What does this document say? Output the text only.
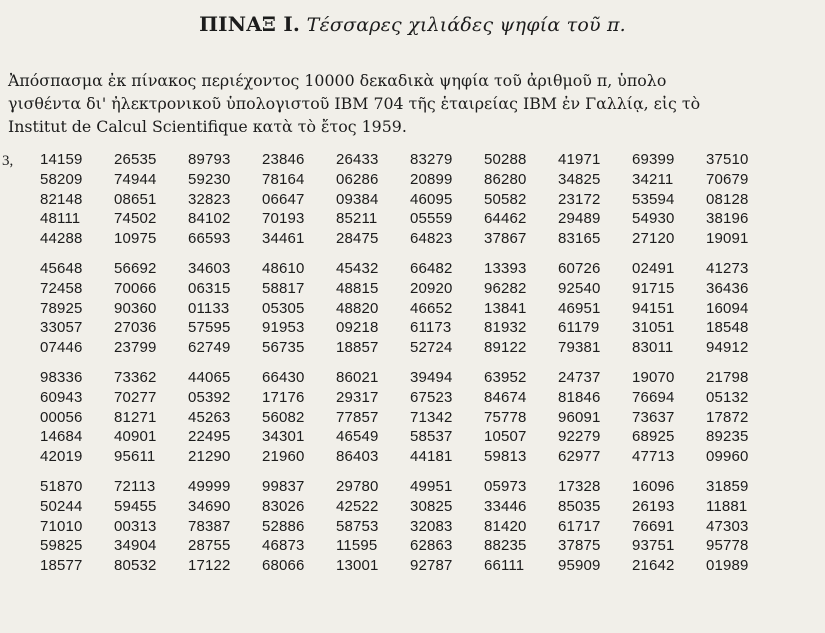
ΠΙΝΑΞ Ι. Τέσσαρες χιλιάδες ψηφία τοῦ π.
Ἀπόσπασμα ἐκ πίνακος περιέχοντος 10000 δεκαδικὰ ψηφία τοῦ ἀριθμοῦ π, ὑπολο
γισθέντα δι' ἠλεκτρονικοῦ ὑπολογιστοῦ IBM 704 τῆς ἑταιρείας IBM ἐν Γαλλίᾳ, εἰς τὸ
Institut de Calcul Scientifique κατὰ τὸ ἔτος 1959.
3, 14159	26535	89793	23846	26433	83279	50288	41971	69399	37510
58209	74944	59230	78164	06286	20899	86280	34825	34211	70679
82148	08651	32823	06647	09384	46095	50582	23172	53594	08128
48111	74502	84102	70193	85211	05559	64462	29489	54930	38196
44288	10975	66593	34461	28475	64823	37867	83165	27120	19091
45648	56692	34603	48610	45432	66482	13393	60726	02491	41273
72458	70066	06315	58817	48815	20920	96282	92540	91715	36436
78925	90360	01133	05305	48820	46652	13841	46951	94151	16094
33057	27036	57595	91953	09218	61173	81932	61179	31051	18548
07446	23799	62749	56735	18857	52724	89122	79381	83011	94912
98336	73362	44065	66430	86021	39494	63952	24737	19070	21798
60943	70277	05392	17176	29317	67523	84674	81846	76694	05132
00056	81271	45263	56082	77857	71342	75778	96091	73637	17872
14684	40901	22495	34301	46549	58537	10507	92279	68925	89235
42019	95611	21290	21960	86403	44181	59813	62977	47713	09960
51870	72113	49999	99837	29780	49951	05973	17328	16096	31859
50244	59455	34690	83026	42522	30825	33446	85035	26193	11881
71010	00313	78387	52886	58753	32083	81420	61717	76691	47303
59825	34904	28755	46873	11595	62863	88235	37875	93751	95778
18577	80532	17122	68066	13001	92787	66111	95909	21642	01989
